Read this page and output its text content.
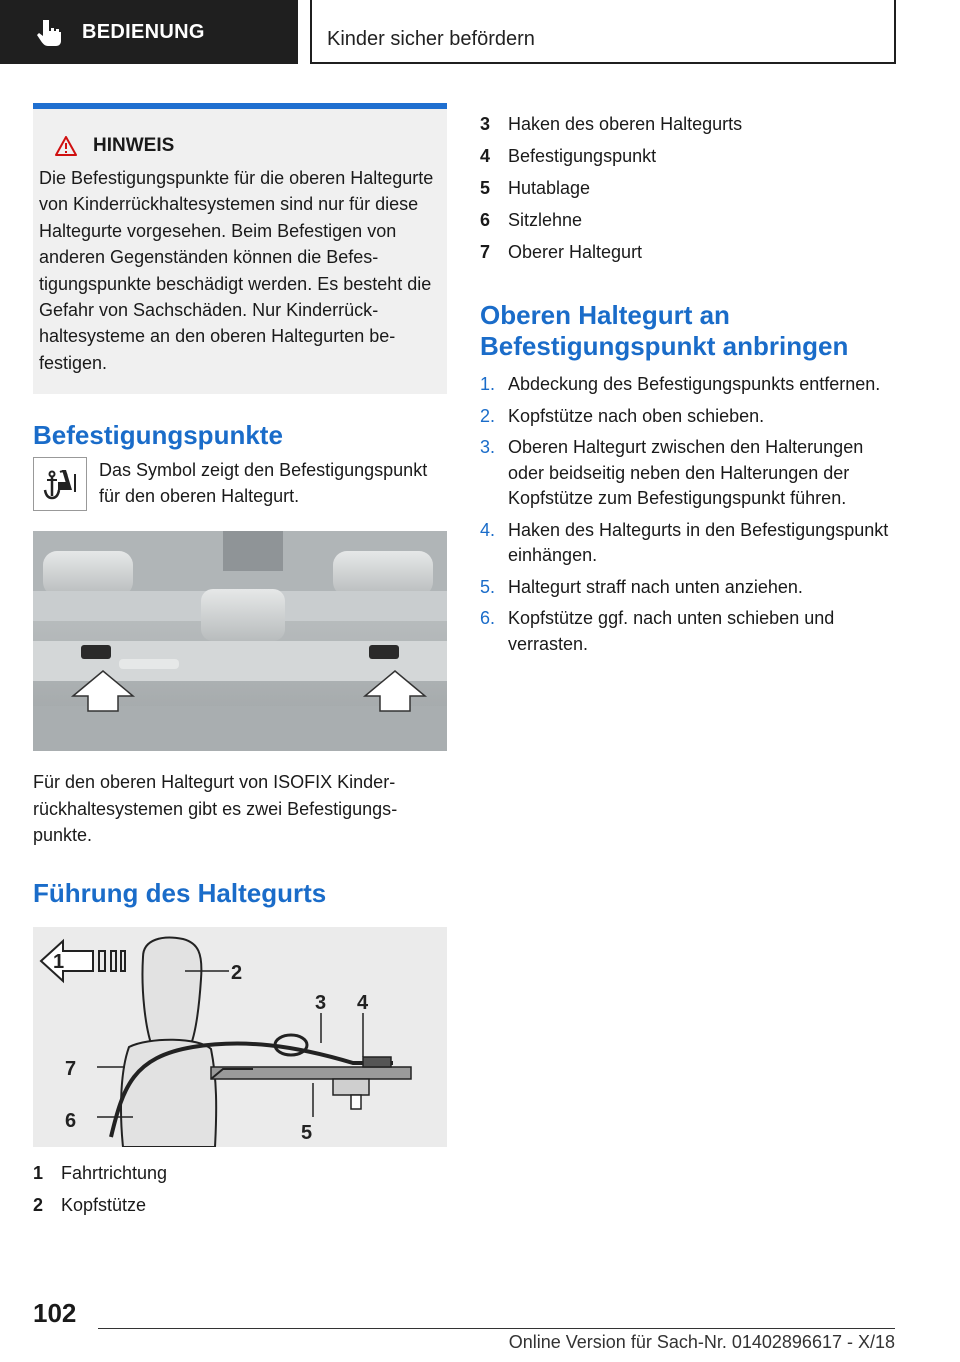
BEDIENUNG	Kinder sicher befördern
HINWEIS

Die Befestigungspunkte für die oberen Haltegurte von Kinderrückhaltesystemen sind nur für diese Haltegurte vorgesehen. Beim Befestigen von anderen Gegenständen können die Befestigungspunkte beschädigt werden. Es besteht die Gefahr von Sachschäden. Nur Kinderrückhaltesysteme an den oberen Haltegurten befestigen.

Befestigungspunkte

Das Symbol zeigt den Befestigungspunkt für den oberen Haltegurt.

Für den oberen Haltegurt von ISOFIX Kinderrückhaltesystemen gibt es zwei Befestigungspunkte.

Führung des Haltegurts
1	2
3 4
5
6
7
1 Fahrtrichtung
2 Kopfstütze
3 Haken des oberen Haltegurts
4 Befestigungspunkt
5 Hutablage
6 Sitzlehne
7 Oberer Haltegurt
Oberen Haltegurt an Befestigungspunkt anbringen
1. Abdeckung des Befestigungspunkts entfernen.
2. Kopfstütze nach oben schieben.
3. Oberen Haltegurt zwischen den Halterungen oder beidseitig neben den Halterungen der Kopfstütze zum Befestigungspunkt führen.
4. Haken des Haltegurts in den Befestigungspunkt einhängen.
5. Haltegurt straff nach unten anziehen.
6. Kopfstütze ggf. nach unten schieben und verrasten.
102
Online Version für Sach-Nr. 01402896617 - X/18
